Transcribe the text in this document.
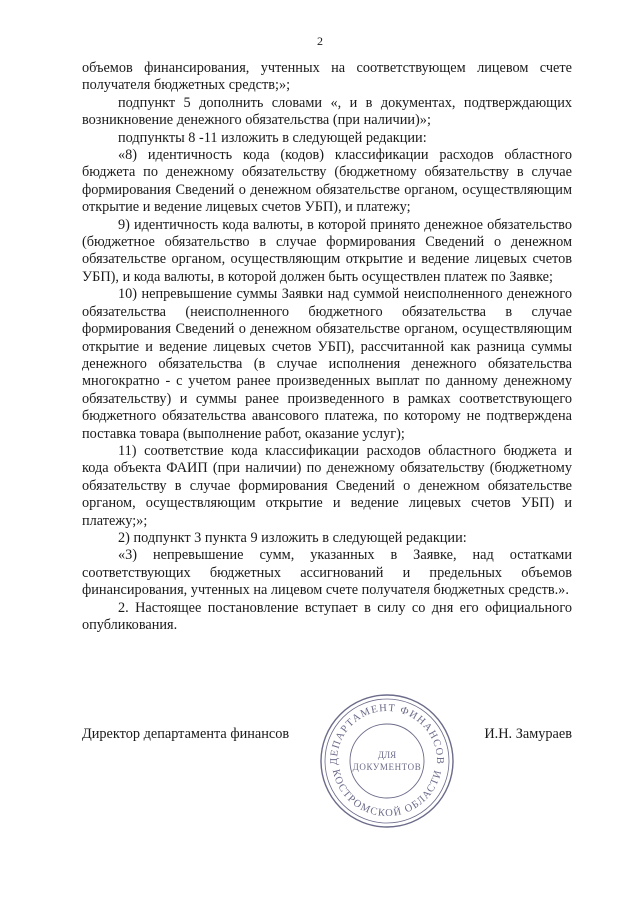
2

объемов финансирования, учтенных на соответствующем лицевом счете получателя бюджетных средств;»;

подпункт 5 дополнить словами «, и в документах, подтверждающих возникновение денежного обязательства (при наличии)»;

подпункты 8 -11 изложить в следующей редакции:

«8) идентичность кода (кодов) классификации расходов областного бюджета по денежному обязательству (бюджетному обязательству в случае формирования Сведений о денежном обязательстве органом, осуществляющим открытие и ведение лицевых счетов УБП), и платежу;

9) идентичность кода валюты, в которой принято денежное обязательство (бюджетное обязательство в случае формирования Сведений о денежном обязательстве органом, осуществляющим открытие и ведение лицевых счетов УБП), и кода валюты, в которой должен быть осуществлен платеж по Заявке;

10) непревышение суммы Заявки над суммой неисполненного денежного обязательства (неисполненного бюджетного обязательства в случае формирования Сведений о денежном обязательстве органом, осуществляющим открытие и ведение лицевых счетов УБП), рассчитанной как разница суммы денежного обязательства (в случае исполнения денежного обязательства многократно - с учетом ранее произведенных выплат по данному денежному обязательству) и суммы ранее произведенного в рамках соответствующего бюджетного обязательства авансового платежа, по которому не подтверждена поставка товара (выполнение работ, оказание услуг);

11) соответствие кода классификации расходов областного бюджета и кода объекта ФАИП (при наличии) по денежному обязательству (бюджетному обязательству в случае формирования Сведений о денежном обязательстве органом, осуществляющим открытие и ведение лицевых счетов УБП) и платежу;»;

2) подпункт 3 пункта 9 изложить в следующей редакции:

«3) непревышение сумм, указанных в Заявке, над остатками соответствующих бюджетных ассигнований и предельных объемов финансирования, учтенных на лицевом счете получателя бюджетных средств.».

2. Настоящее постановление вступает в силу со дня его официального опубликования.

Директор департамента финансов	И.Н. Замураев
ДЕПАРТАМЕНТ ФИНАНСОВ
КОСТРОМСКОЙ ОБЛАСТИ
ДЛЯ
ДОКУМЕНТОВ
